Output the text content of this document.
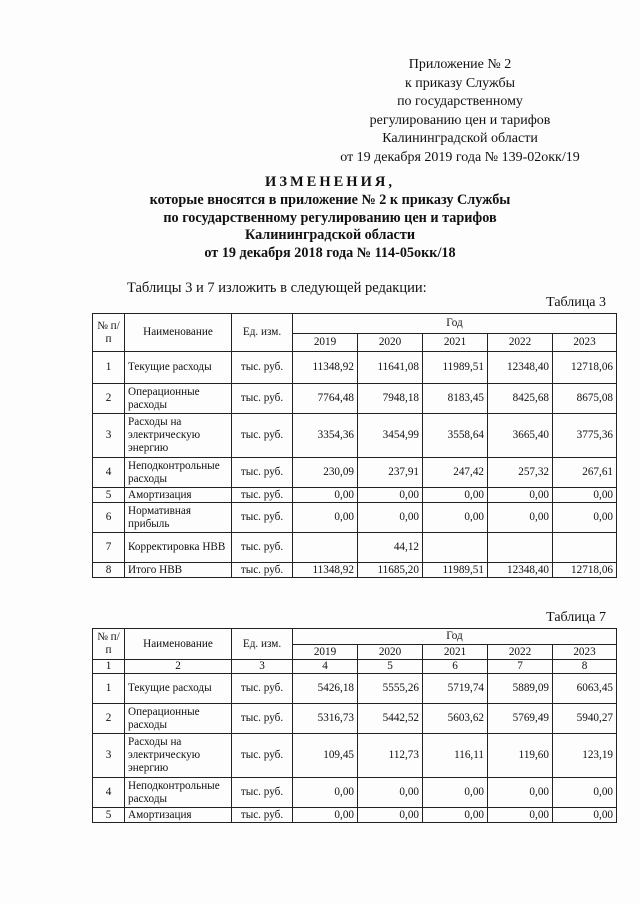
Приложение № 2
к приказу Службы
по государственному
регулированию цен и тарифов
Калининградской области
от 19 декабря 2019 года № 139-02окк/19
ИЗМЕНЕНИЯ,
которые вносятся в приложение № 2 к приказу Службы
по государственному регулированию цен и тарифов
Калининградской области
от 19 декабря 2018 года № 114-05окк/18
Таблицы 3 и 7 изложить в следующей редакции:
Таблица 3
№ п/п	Наименование	Ед. изм.	Год				
			2019	2020	2021	2022	2023
1	Текущие расходы	тыс. руб.	11348,92	11641,08	11989,51	12348,40	12718,06
2	Операционные расходы	тыс. руб.	7764,48	7948,18	8183,45	8425,68	8675,08
3	Расходы на электрическую энергию	тыс. руб.	3354,36	3454,99	3558,64	3665,40	3775,36
4	Неподконтрольные расходы	тыс. руб.	230,09	237,91	247,42	257,32	267,61
5	Амортизация	тыс. руб.	0,00	0,00	0,00	0,00	0,00
6	Нормативная прибыль	тыс. руб.	0,00	0,00	0,00	0,00	0,00
7	Корректировка НВВ	тыс. руб.		44,12			
8	Итого НВВ	тыс. руб.	11348,92	11685,20	11989,51	12348,40	12718,06
Таблица 7
№ п/п	Наименование	Ед. изм.	Год				
			2019	2020	2021	2022	2023
1	2	3	4	5	6	7	8
1	Текущие расходы	тыс. руб.	5426,18	5555,26	5719,74	5889,09	6063,45
2	Операционные расходы	тыс. руб.	5316,73	5442,52	5603,62	5769,49	5940,27
3	Расходы на электрическую энергию	тыс. руб.	109,45	112,73	116,11	119,60	123,19
4	Неподконтрольные расходы	тыс. руб.	0,00	0,00	0,00	0,00	0,00
5	Амортизация	тыс. руб.	0,00	0,00	0,00	0,00	0,00
